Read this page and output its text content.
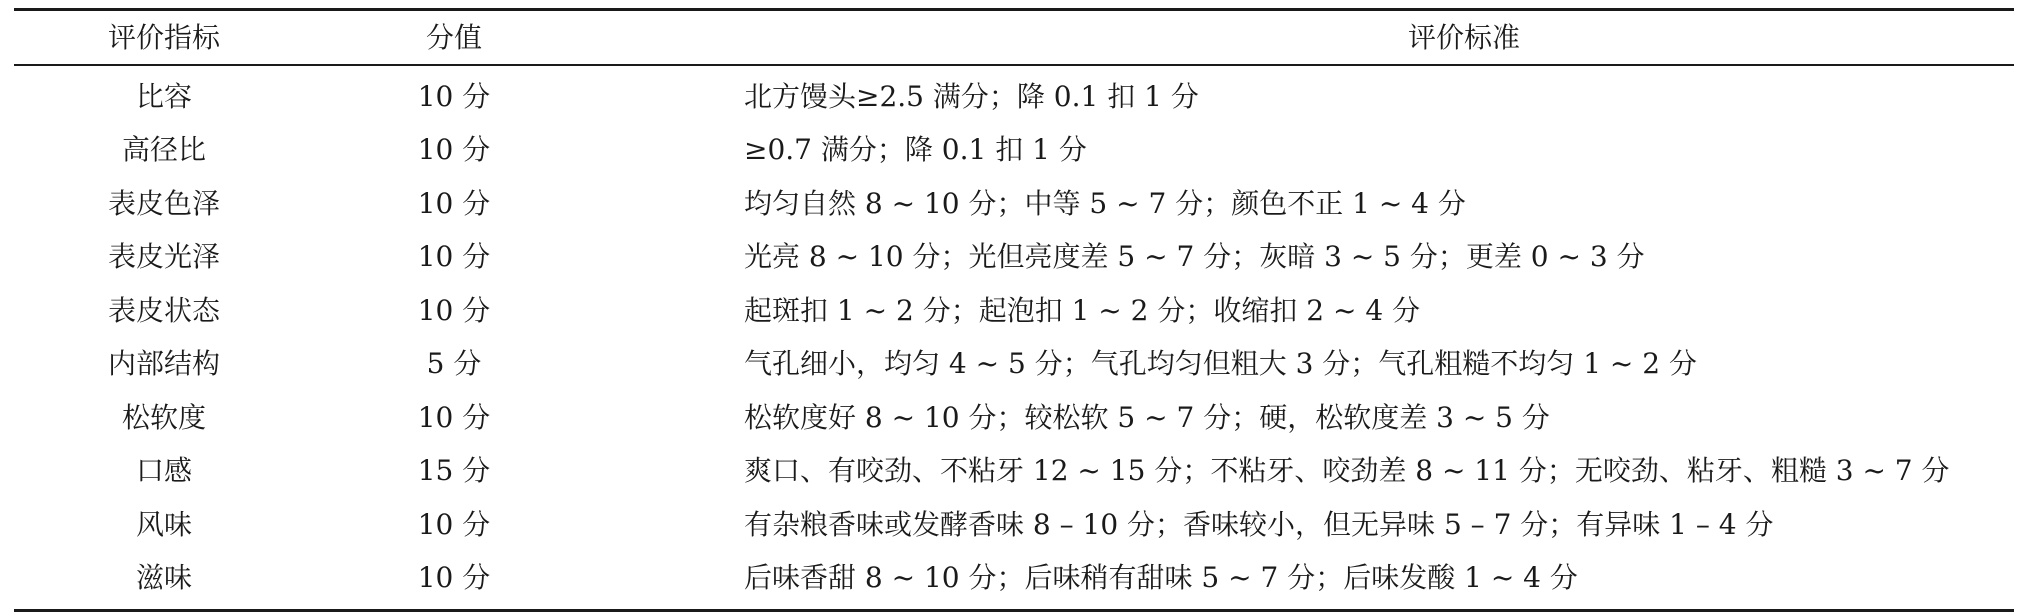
评价指标	分值	评价标准
比容	10 分	北方馒头≥2.5 满分；降 0.1 扣 1 分
高径比	10 分	≥0.7 满分；降 0.1 扣 1 分
表皮色泽	10 分	均匀自然 8 ~ 10 分；中等 5 ~ 7 分；颜色不正 1 ~ 4 分
表皮光泽	10 分	光亮 8 ~ 10 分；光但亮度差 5 ~ 7 分；灰暗 3 ~ 5 分；更差 0 ~ 3 分
表皮状态	10 分	起斑扣 1 ~ 2 分；起泡扣 1 ~ 2 分；收缩扣 2 ~ 4 分
内部结构	5 分	气孔细小，均匀 4 ~ 5 分；气孔均匀但粗大 3 分；气孔粗糙不均匀 1 ~ 2 分
松软度	10 分	松软度好 8 ~ 10 分；较松软 5 ~ 7 分；硬，松软度差 3 ~ 5 分
口感	15 分	爽口、有咬劲、不粘牙 12 ~ 15 分；不粘牙、咬劲差 8 ~ 11 分；无咬劲、粘牙、粗糙 3 ~ 7 分
风味	10 分	有杂粮香味或发酵香味 8 – 10 分；香味较小，但无异味 5 – 7 分；有异味 1 – 4 分
滋味	10 分	后味香甜 8 ~ 10 分；后味稍有甜味 5 ~ 7 分；后味发酸 1 ~ 4 分
